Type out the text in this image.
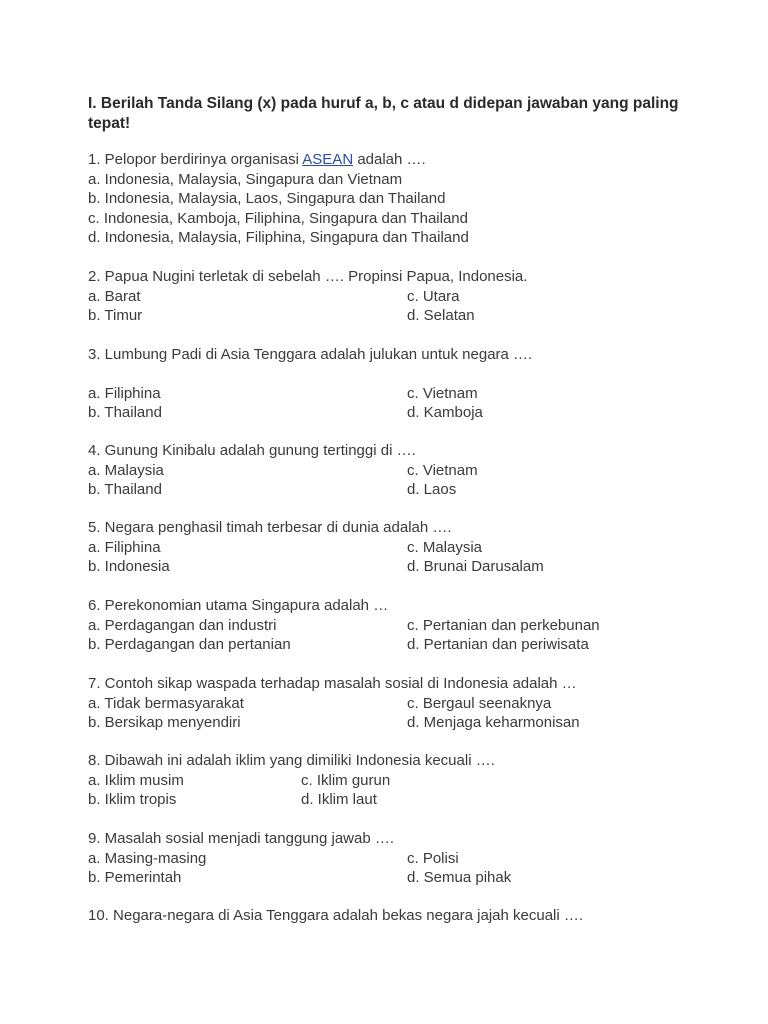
I. Berilah Tanda Silang (x) pada huruf a, b, c atau d didepan jawaban yang paling tepat!
1. Pelopor berdirinya organisasi ASEAN adalah ….
a. Indonesia, Malaysia, Singapura dan Vietnam
b. Indonesia, Malaysia, Laos, Singapura dan Thailand
c. Indonesia, Kamboja, Filiphina, Singapura dan Thailand
d. Indonesia, Malaysia, Filiphina, Singapura dan Thailand
2. Papua Nugini terletak di sebelah …. Propinsi Papua, Indonesia.
a. Barat	c. Utara
b. Timur	d. Selatan
3. Lumbung Padi di Asia Tenggara adalah julukan untuk negara ….
a. Filiphina	c. Vietnam
b. Thailand	d. Kamboja
4. Gunung Kinibalu adalah gunung tertinggi di ….
a. Malaysia	c. Vietnam
b. Thailand	d. Laos
5. Negara penghasil timah terbesar di dunia adalah ….
a. Filiphina	c. Malaysia
b. Indonesia	d. Brunai Darusalam
6. Perekonomian utama Singapura adalah …
a. Perdagangan dan industri	c. Pertanian dan perkebunan
b. Perdagangan dan pertanian	d. Pertanian dan periwisata
7. Contoh sikap waspada terhadap masalah sosial di Indonesia adalah …
a. Tidak bermasyarakat	c. Bergaul seenaknya
b. Bersikap menyendiri	d. Menjaga keharmonisan
8. Dibawah ini adalah iklim yang dimiliki Indonesia kecuali ….
a. Iklim musim	c. Iklim gurun
b. Iklim tropis	d. Iklim laut
9. Masalah sosial menjadi tanggung jawab ….
a. Masing-masing	c. Polisi
b. Pemerintah	d. Semua pihak
10. Negara-negara di Asia Tenggara adalah bekas negara jajah kecuali ….
